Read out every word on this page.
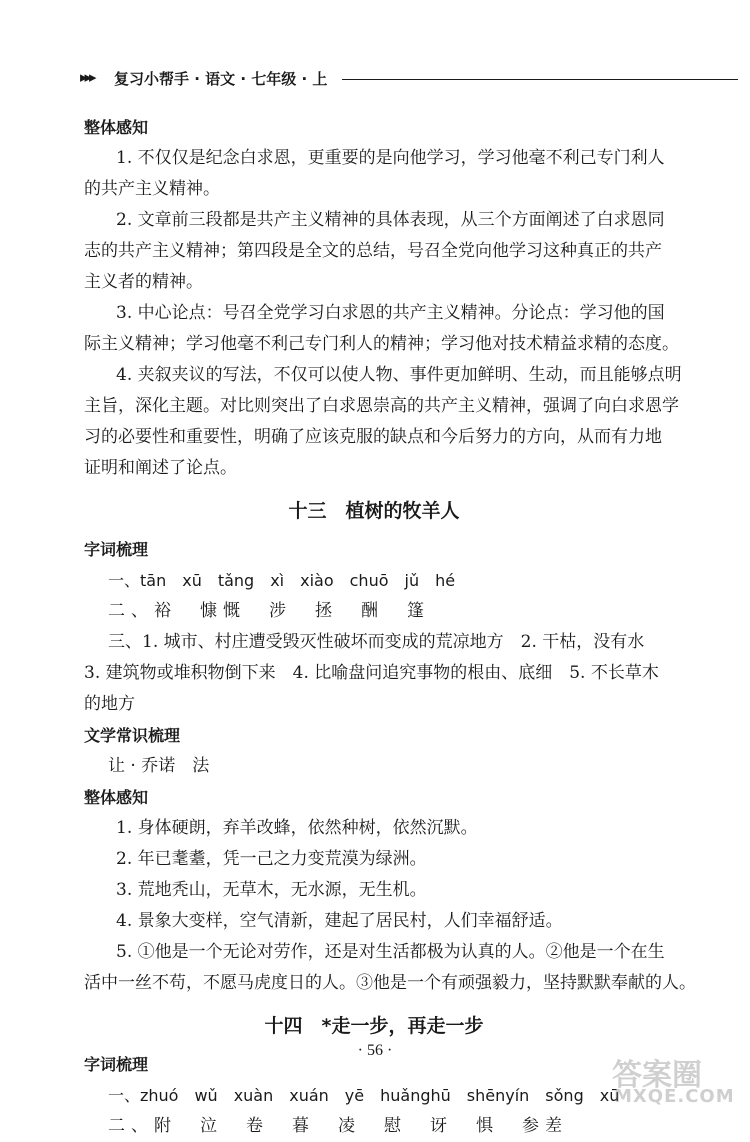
▸▸▸ 复习小帮手 · 语文 · 七年级 · 上
整体感知
1. 不仅仅是纪念白求恩，更重要的是向他学习，学习他毫不利己专门利人
的共产主义精神。
2. 文章前三段都是共产主义精神的具体表现，从三个方面阐述了白求恩同
志的共产主义精神；第四段是全文的总结，号召全党向他学习这种真正的共产
主义者的精神。
3. 中心论点：号召全党学习白求恩的共产主义精神。分论点：学习他的国
际主义精神；学习他毫不利己专门利人的精神；学习他对技术精益求精的态度。
4. 夹叙夹议的写法，不仅可以使人物、事件更加鲜明、生动，而且能够点明
主旨，深化主题。对比则突出了白求恩崇高的共产主义精神，强调了向白求恩学
习的必要性和重要性，明确了应该克服的缺点和今后努力的方向，从而有力地
证明和阐述了论点。
十三　植树的牧羊人
字词梳理
一、tān　xū　tǎng　xì　xiào　chuō　jǔ　hé
二、裕　慷慨　涉　拯　酬　篷
三、1. 城市、村庄遭受毁灭性破坏而变成的荒凉地方　2. 干枯，没有水
3. 建筑物或堆积物倒下来　4. 比喻盘问追究事物的根由、底细　5. 不长草木
的地方
文学常识梳理
让 · 乔诺　法
整体感知
1. 身体硬朗，弃羊改蜂，依然种树，依然沉默。
2. 年已耄耋，凭一己之力变荒漠为绿洲。
3. 荒地秃山，无草木，无水源，无生机。
4. 景象大变样，空气清新，建起了居民村，人们幸福舒适。
5. ①他是一个无论对劳作，还是对生活都极为认真的人。②他是一个在生
活中一丝不苟，不愿马虎度日的人。③他是一个有顽强毅力，坚持默默奉献的人。
十四　*走一步，再走一步
字词梳理
一、zhuó　wǔ　xuàn　xuán　yē　huǎnghū　shēnyín　sǒng　xū
二、附　泣　卷　暮　凌　慰　讶　惧　参差
· 56 ·
答案圈
MXQE.COM
